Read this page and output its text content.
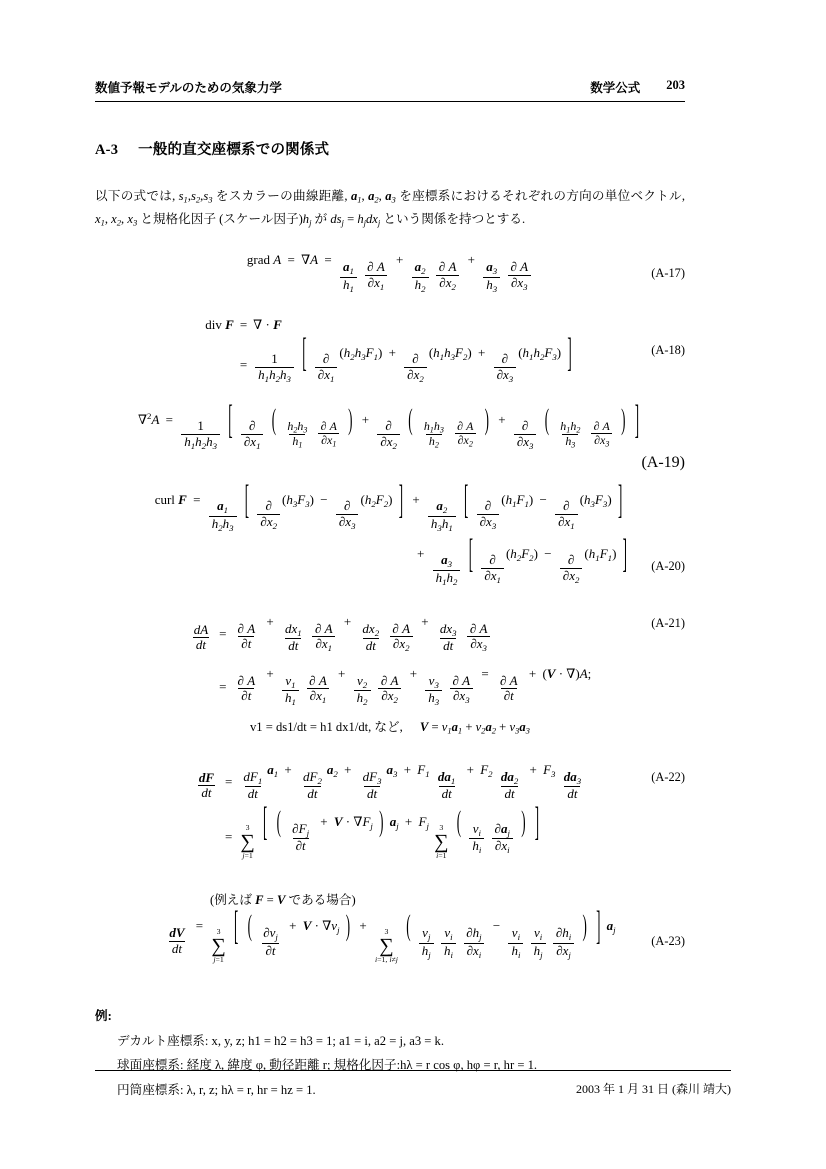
数値予報モデルのための気象力学	数学公式 203
A-3 一般的直交座標系での関係式
以下の式では, $s_1,s_2,s_3$ をスカラーの曲線距離, $a_1$, $a_2$, $a_3$ を座標系におけるそれぞれの方向の単位ベクトル, $x_1$, $x_2$, $x_3$ と規格化因子 (スケール因子)$h_j$ が $ds_j = h_jdx_j$ という関係を持つとする.
grad A = ∇A =
$\frac{a_1}{h_1}$
$\frac{\partial A}{\partial x_1}$
+
$\frac{a_2}{h_2}$
$\frac{\partial A}{\partial x_2}$
+
$\frac{a_3}{h_3}$
$\frac{\partial A}{\partial x_3}$	(A-17)
div F = ∇ · F
= $\frac{1}{h_1h_2h_3}$ [ $\frac{\partial}{\partial x_1}$
$(h_2h_3F_1)$ +
$\frac{\partial}{\partial x_2}$
$(h_1h_3F_2)$ +
$\frac{\partial}{\partial x_3}$
$(h_1h_2F_3)$ ]	(A-18)
∇$^2$A =
$\frac{1}{h_1h_2h_3}$ [ $\frac{\partial}{\partial x_1}$ ( $\frac{h_2h_3}{h_1}$
$\frac{\partial A}{\partial x_1}$ ) +
$\frac{\partial}{\partial x_2}$ ( $\frac{h_1h_3}{h_2}$
$\frac{\partial A}{\partial x_2}$ ) +
$\frac{\partial}{\partial x_3}$ ( $\frac{h_1h_2}{h_3}$
$\frac{\partial A}{\partial x_3}$ ) ]
(A-19)
curl F =
$\frac{a_1}{h_2h_3}$ [ $\frac{\partial}{\partial x_2}$
$(h_3F_3)$ −
$\frac{\partial}{\partial x_3}$
$(h_2F_2)$ ] +
$\frac{a_2}{h_3h_1}$ [ $\frac{\partial}{\partial x_3}$
$(h_1F_1)$ −
$\frac{\partial}{\partial x_1}$
$(h_3F_3)$ ]
+
$\frac{a_3}{h_1h_2}$ [ $\frac{\partial}{\partial x_1}$
$(h_2F_2)$ −
$\frac{\partial}{\partial x_2}$
$(h_1F_1)$ ] (A-20)
$\frac{dA}{dt} = \frac{\partial A}{\partial t}$
+
$\frac{dx_1}{dt}$
$\frac{\partial A}{\partial x_1}$
+
$\frac{dx_2}{dt}$
$\frac{\partial A}{\partial x_2}$
+
$\frac{dx_3}{dt}$
$\frac{\partial A}{\partial x_3}$
= $\frac{\partial A}{\partial t}$
+
$\frac{v_1}{h_1}$
$\frac{\partial A}{\partial x_1}$
+
$\frac{v_2}{h_2}$
$\frac{\partial A}{\partial x_2}$
+
$\frac{v_3}{h_3}$
$\frac{\partial A}{\partial x_3}$
=
$\frac{\partial A}{\partial t}$
+ (V · ∇)A;
(A-21)
v1 = ds1/dt = h1 dx1/dt, など, $V = v_1a_1 + v_2a_2 + v_3a_3$
$\frac{dF}{dt} = \frac{dF_1}{dt}$
$a_1$ +
$\frac{dF_2}{dt}$
$a_2$ +
$\frac{dF_3}{dt}$
$a_3 + F_1 \frac{da_1}{dt}$
+ $F_2 \frac{da_2}{dt}$
+ $F_3 \frac{da_3}{dt}$
=
3
∑
j=1
[ ( $\frac{\partial F_j}{\partial t}$
+ $V \cdot \nabla F_j$ ) $a_j + F_j$ 3
∑
i=1
(
$\frac{v_i}{h_i}$
$\frac{\partial a_j}{\partial x_i}$
) ]
(A-22)
(例えば F = V である場合)
$\frac{dV}{dt}$
= 3
∑
j=1
[ ( $\frac{\partial v_j}{\partial t}$
+ $V \cdot \nabla v_j$ ) + 3
∑
i=1, i≠j
(
$\frac{v_j}{h_j}$
$\frac{v_i}{h_i}$
$\frac{\partial h_j}{\partial x_i}$
−
$\frac{v_i}{h_i}$
$\frac{v_i}{h_j}$
$\frac{\partial h_i}{\partial x_j}$
) ] $a_j$
(A-23)
例:
デカルト座標系: x, y, z; h1 = h2 = h3 = 1; a1 = i, a2 = j, a3 = k.
球面座標系: 経度 λ, 緯度 φ, 動径距離 r; 規格化因子:hλ = r cos φ, hφ = r, hr = 1.
円筒座標系: λ, r, z; hλ = r, hr = hz = 1.	2003 年 1 月 31 日 (森川 靖大)
